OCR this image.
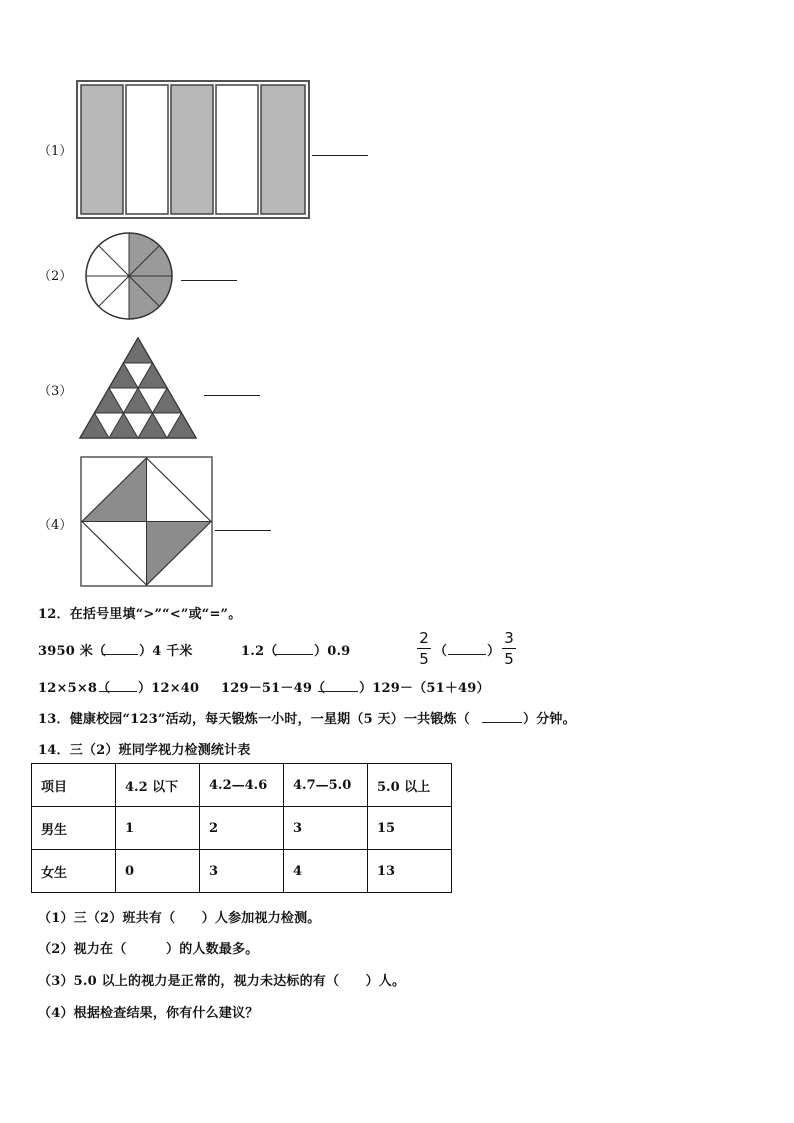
（1）
（2）
（3）
（4）
12．在括号里填“>”“<”或“=”。
3950 米（	）4 千米	1.2（	）0.9
2
5 （	）
3
5
12×5×8（ ）12×40 129－51－49（	）129－（51＋49）
13．健康校园“123”活动，每天锻炼一小时，一星期（5 天）一共锻炼（	）分钟。
14．三（2）班同学视力检测统计表
项目	4.2 以下	4.2—4.6	4.7—5.0	5.0 以上
男生	1	2	3	15
女生	0	3	4	13
（1）三（2）班共有（　　）人参加视力检测。
（2）视力在（　　　）的人数最多。
（3）5.0 以上的视力是正常的，视力未达标的有（　　）人。
（4）根据检查结果，你有什么建议？
